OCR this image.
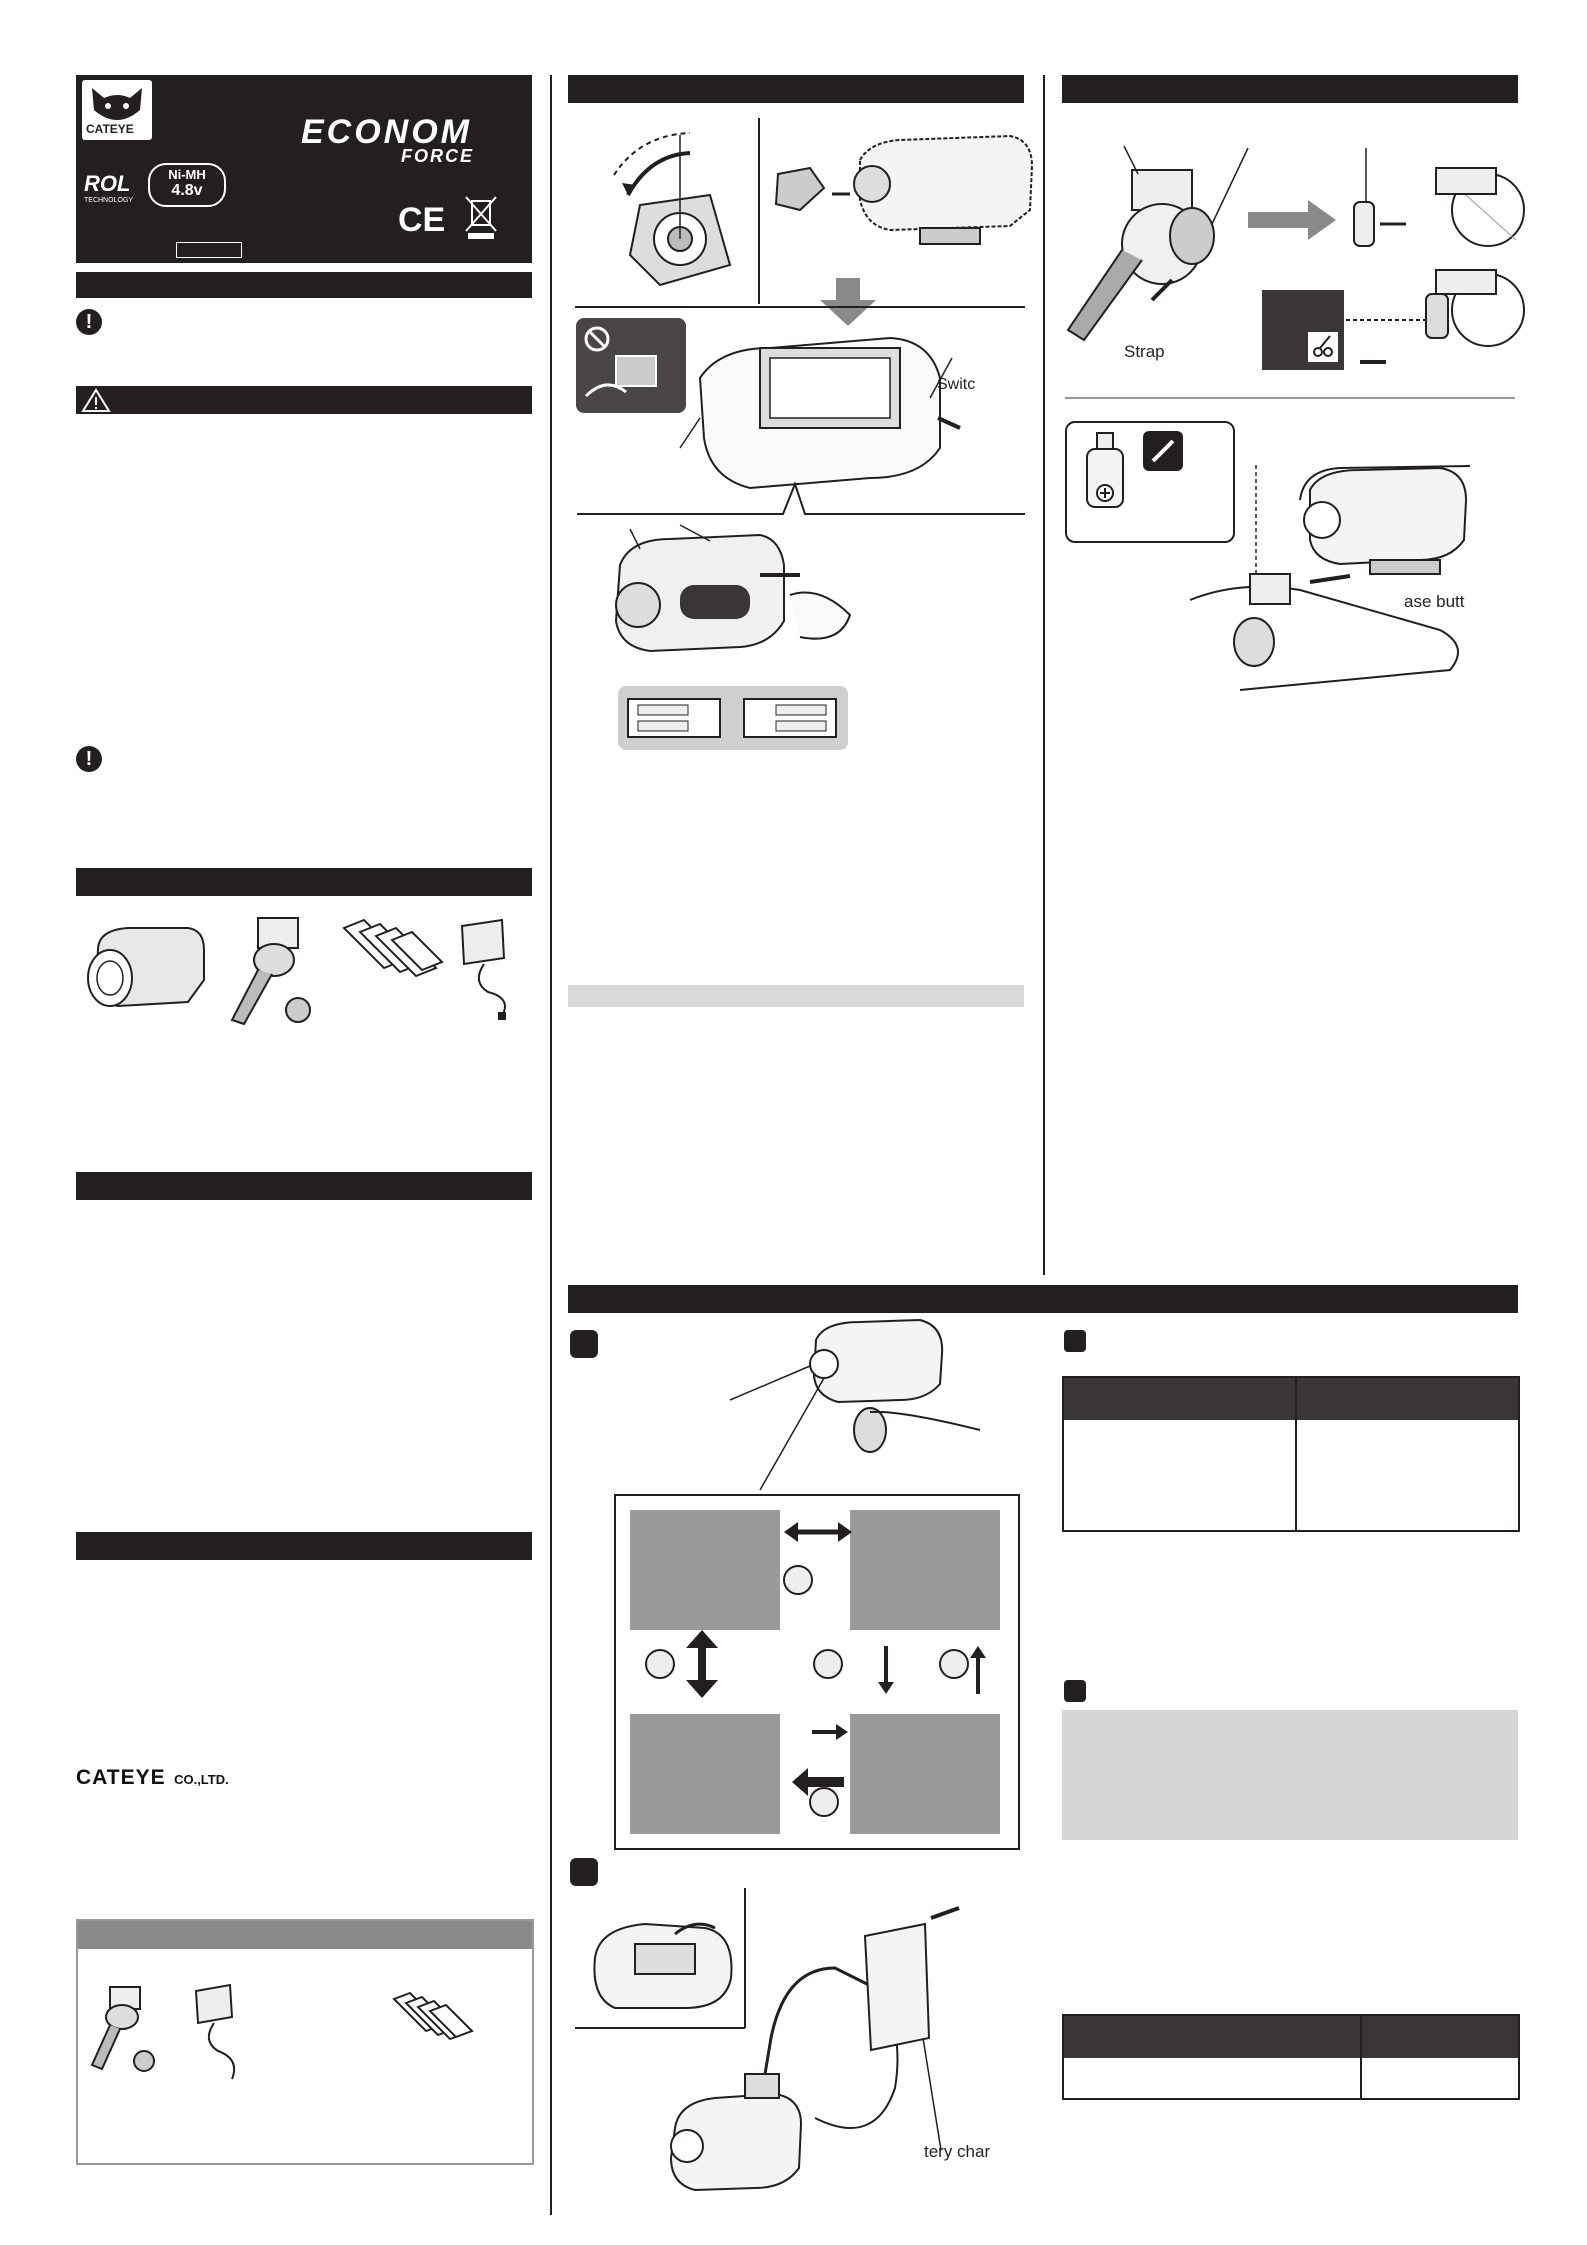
CATEYE
ROL
TECHNOLOGY
Ni-MH
4.8v
ECONOM
FORCE
CE
!
!
CATEYE CO.,LTD.
Switc
Strap
ase butt
tery char
